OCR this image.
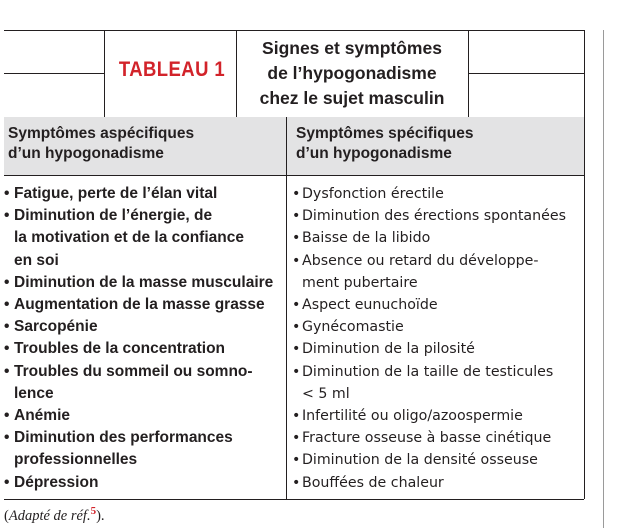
TABLEAU 1
Signes et symptômes
de l’hypogonadisme
chez le sujet masculin
Symptômes aspécifiques
d’un hypogonadisme
Symptômes spécifiques
d’un hypogonadisme
• Fatigue, perte de l’élan vital
• Diminution de l’énergie, de
la motivation et de la confiance
en soi
• Diminution de la masse musculaire
• Augmentation de la masse grasse
• Sarcopénie
• Troubles de la concentration
• Troubles du sommeil ou somno-
lence
• Anémie
• Diminution des performances
professionnelles
• Dépression
• Dysfonction érectile
• Diminution des érections spontanées
• Baisse de la libido
• Absence ou retard du développe-
ment pubertaire
• Aspect eunuchoïde
• Gynécomastie
• Diminution de la pilosité
• Diminution de la taille de testicules
< 5 ml
• Infertilité ou oligo/azoospermie
• Fracture osseuse à basse cinétique
• Diminution de la densité osseuse
• Bouffées de chaleur
(Adapté de réf.$^5$).
